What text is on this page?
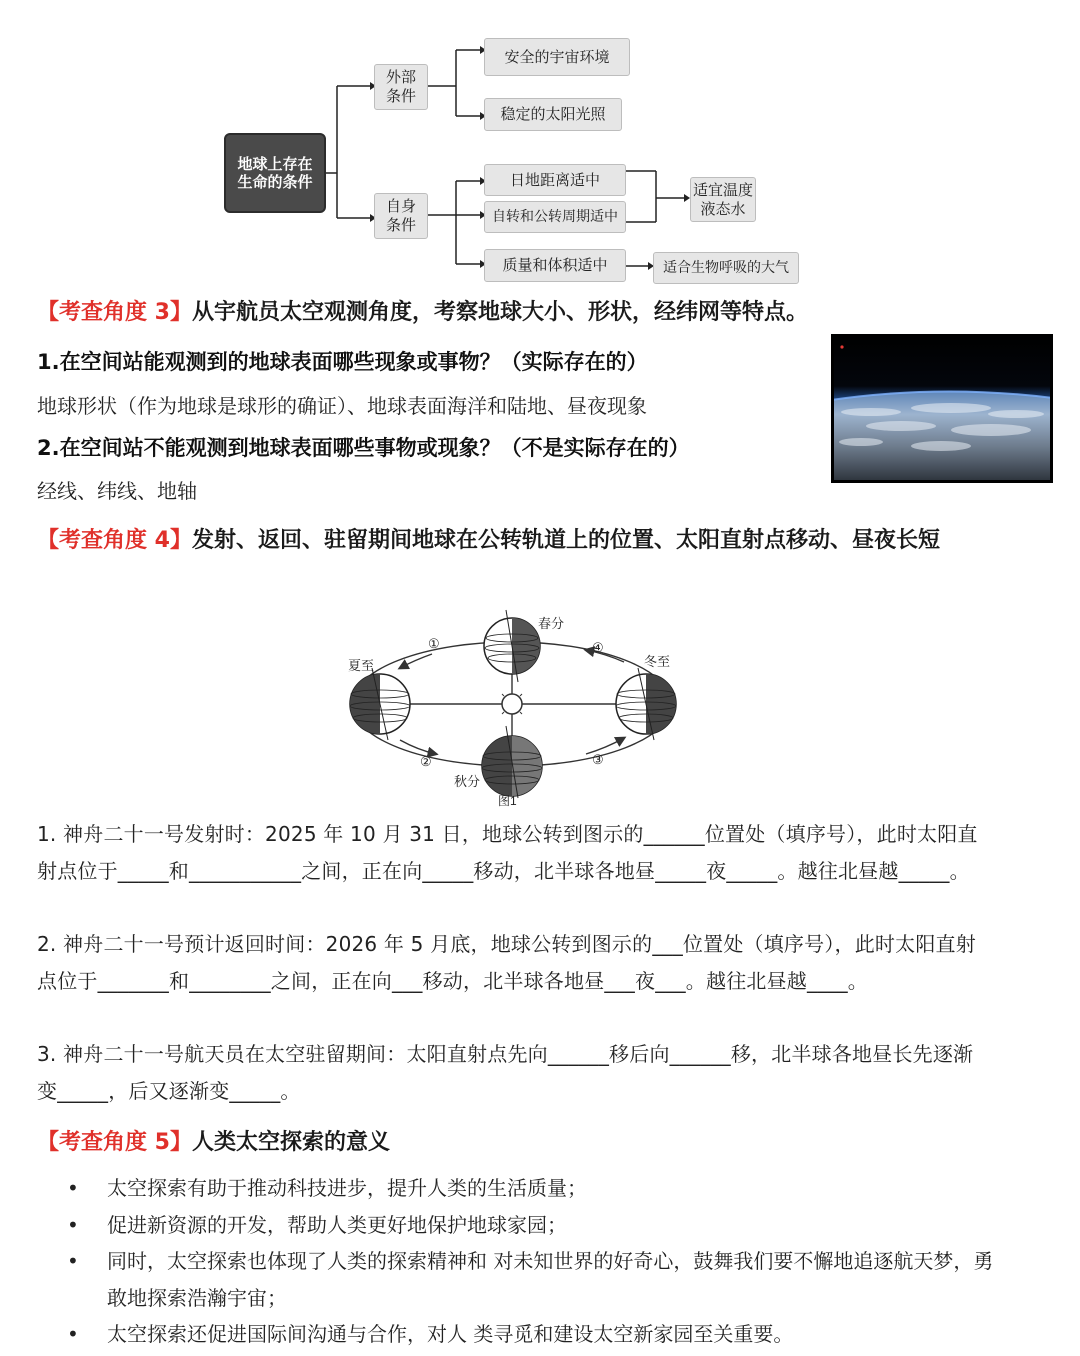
地球上存在生命的条件
外部条件
自身条件
安全的宇宙环境
稳定的太阳光照
日地距离适中
自转和公转周期适中
质量和体积适中
适宜温度液态水
适合生物呼吸的大气
【考查角度 3】从宇航员太空观测角度，考察地球大小、形状，经纬网等特点。
1.在空间站能观测到的地球表面哪些现象或事物？（实际存在的）
地球形状（作为地球是球形的确证）、地球表面海洋和陆地、昼夜现象
2.在空间站不能观测到地球表面哪些事物或现象？（不是实际存在的）
经线、纬线、地轴
【考查角度 4】发射、返回、驻留期间地球在公转轨道上的位置、太阳直射点移动、昼夜长短
春分
夏至	冬至
秋分
①
②	③
④
图1

1. 神舟二十一号发射时：2025 年 10 月 31 日，地球公转到图示的______位置处（填序号），此时太阳直射点位于_____和___________之间，正在向_____移动，北半球各地昼_____夜_____。越往北昼越_____。

2. 神舟二十一号预计返回时间：2026 年 5 月底，地球公转到图示的___位置处（填序号），此时太阳直射点位于_______和________之间，正在向___移动，北半球各地昼___夜___。越往北昼越____。

3. 神舟二十一号航天员在太空驻留期间：太阳直射点先向______移后向______移，北半球各地昼长先逐渐变_____，后又逐渐变_____。

【考查角度 5】人类太空探索的意义
• 太空探索有助于推动科技进步，提升人类的生活质量；
• 促进新资源的开发，帮助人类更好地保护地球家园；
• 同时，太空探索也体现了人类的探索精神和 对未知世界的好奇心，鼓舞我们要不懈地追逐航天梦，勇敢地探索浩瀚宇宙；
• 太空探索还促进国际间沟通与合作，对人 类寻觅和建设太空新家园至关重要。
